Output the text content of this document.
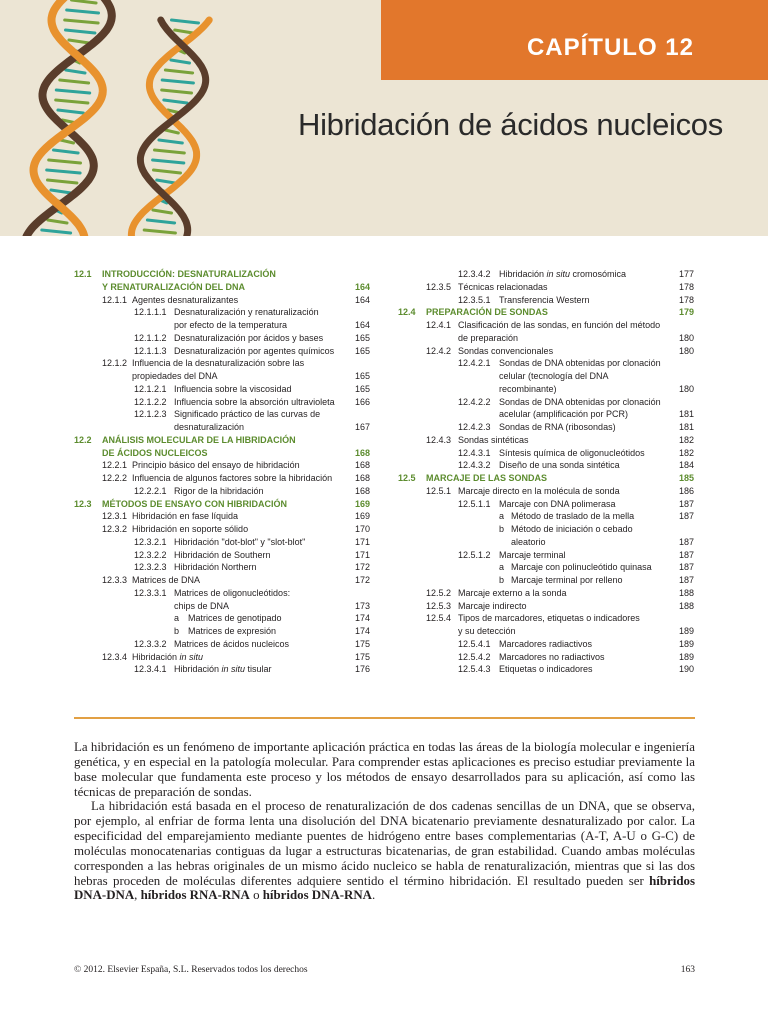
CAPÍTULO 12
Hibridación de ácidos nucleicos
12.1 INTRODUCCIÓN: DESNATURALIZACIÓN
Y RENATURALIZACIÓN DEL DNA	164
12.1.1 Agentes desnaturalizantes	164
12.1.1.1 Desnaturalización y renaturalización
por efecto de la temperatura	164
12.1.1.2 Desnaturalización por ácidos y bases	165
12.1.1.3 Desnaturalización por agentes químicos 165
12.1.2 Influencia de la desnaturalización sobre las
propiedades del DNA	165
12.1.2.1 Influencia sobre la viscosidad	165
12.1.2.2 Influencia sobre la absorción ultravioleta 166
12.1.2.3 Significado práctico de las curvas de
desnaturalización	167
12.2 ANÁLISIS MOLECULAR DE LA HIBRIDACIÓN
DE ÁCIDOS NUCLEICOS	168
12.2.1 Principio básico del ensayo de hibridación	168
12.2.2 Influencia de algunos factores sobre la hibridación	168
12.2.2.1 Rigor de la hibridación	168
12.3 MÉTODOS DE ENSAYO CON HIBRIDACIÓN	169
12.3.1 Hibridación en fase líquida	169
12.3.2 Hibridación en soporte sólido	170
12.3.2.1 Hibridación "dot-blot" y "slot-blot"	171
12.3.2.2 Hibridación de Southern	171
12.3.2.3 Hibridación Northern	172
12.3.3 Matrices de DNA	172
12.3.3.1 Matrices de oligonucleótidos:
chips de DNA	173
a Matrices de genotipado	174
b Matrices de expresión	174
12.3.3.2 Matrices de ácidos nucleicos	175
12.3.4 Hibridación in situ	175
12.3.4.1 Hibridación in situ tisular	176
12.3.4.2 Hibridación in situ cromosómica	177
12.3.5 Técnicas relacionadas	178
12.3.5.1 Transferencia Western	178
12.4 PREPARACIÓN DE SONDAS	179
12.4.1 Clasificación de las sondas, en función del método
de preparación	180
12.4.2 Sondas convencionales	180
12.4.2.1 Sondas de DNA obtenidas por clonación
celular (tecnología del DNA
recombinante)	180
12.4.2.2 Sondas de DNA obtenidas por clonación
acelular (amplificación por PCR)	181
12.4.2.3 Sondas de RNA (ribosondas)	181
12.4.3 Sondas sintéticas	182
12.4.3.1 Síntesis química de oligonucleótidos	182
12.4.3.2 Diseño de una sonda sintética	184
12.5 MARCAJE DE LAS SONDAS	185
12.5.1 Marcaje directo en la molécula de sonda	186
12.5.1.1 Marcaje con DNA polimerasa	187
a Método de traslado de la mella	187
b Método de iniciación o cebado
aleatorio	187
12.5.1.2 Marcaje terminal	187
a Marcaje con polinucleótido quinasa	187
b Marcaje terminal por relleno	187
12.5.2 Marcaje externo a la sonda	188
12.5.3 Marcaje indirecto	188
12.5.4 Tipos de marcadores, etiquetas o indicadores
y su detección	189
12.5.4.1 Marcadores radiactivos	189
12.5.4.2 Marcadores no radiactivos	189
12.5.4.3 Etiquetas o indicadores	190

La hibridación es un fenómeno de importante aplicación práctica en todas las áreas de la biología molecular e ingeniería genética, y en especial en la patología molecular. Para comprender estas aplicaciones es preciso estudiar previamente la base molecular que fundamenta este proceso y los métodos de ensayo desarrollados para su aplicación, así como las técnicas de preparación de sondas.

La hibridación está basada en el proceso de renaturalización de dos cadenas sencillas de un DNA, que se observa, por ejemplo, al enfriar de forma lenta una disolución del DNA bicatenario previamente desnaturalizado por calor. La especificidad del emparejamiento mediante puentes de hidrógeno entre bases complementarias (A-T, A-U o G-C) de moléculas monocatenarias contiguas da lugar a estructuras bicatenarias, de gran estabilidad. Cuando ambas moléculas corresponden a las hebras originales de un mismo ácido nucleico se habla de renaturalización, mientras que si las dos hebras proceden de moléculas diferentes adquiere sentido el término hibridación. El resultado pueden ser híbridos DNA-DNA, híbridos RNA-RNA o híbridos DNA-RNA.

© 2012. Elsevier España, S.L. Reservados todos los derechos	163
